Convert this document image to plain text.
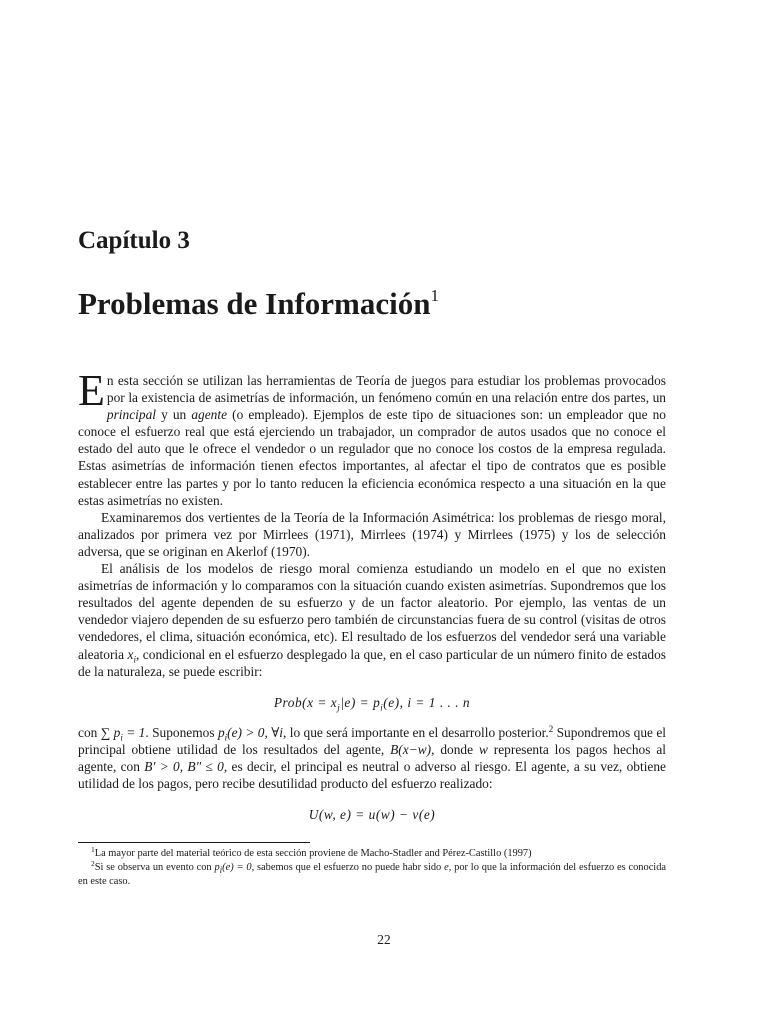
Capítulo 3
Problemas de Información$^1$

En esta sección se utilizan las herramientas de Teoría de juegos para estudiar los problemas provocados por la existencia de asimetrías de información, un fenómeno común en una relación entre dos partes, un principal y un agente (o empleado). Ejemplos de este tipo de situaciones son: un empleador que no conoce el esfuerzo real que está ejerciendo un trabajador, un comprador de autos usados que no conoce el estado del auto que le ofrece el vendedor o un regulador que no conoce los costos de la empresa regulada. Estas asimetrías de información tienen efectos importantes, al afectar el tipo de contratos que es posible establecer entre las partes y por lo tanto reducen la eficiencia económica respecto a una situación en la que estas asimetrías no existen.

Examinaremos dos vertientes de la Teoría de la Información Asimétrica: los problemas de riesgo moral, analizados por primera vez por Mirrlees (1971), Mirrlees (1974) y Mirrlees (1975) y los de selección adversa, que se originan en Akerlof (1970).

El análisis de los modelos de riesgo moral comienza estudiando un modelo en el que no existen asimetrías de información y lo comparamos con la situación cuando existen asimetrías. Supondremos que los resultados del agente dependen de su esfuerzo y de un factor aleatorio. Por ejemplo, las ventas de un vendedor viajero dependen de su esfuerzo pero también de circunstancias fuera de su control (visitas de otros vendedores, el clima, situación económica, etc). El resultado de los esfuerzos del vendedor será una variable aleatoria $x_i$, condicional en el esfuerzo desplegado la que, en el caso particular de un número finito de estados de la naturaleza, se puede escribir:

Prob(x = $x_j|e) = p_i(e)$, i = 1 . . . n

con ∑ $p_i = 1$. Suponemos $p_i(e) > 0$, ∀i, lo que será importante en el desarrollo posterior.$^2$ Supondremos que el principal obtiene utilidad de los resultados del agente, B(x−w), donde w representa los pagos hechos al agente, con B′ > 0, B″ ≤ 0, es decir, el principal es neutral o adverso al riesgo. El agente, a su vez, obtiene utilidad de los pagos, pero recibe desutilidad producto del esfuerzo realizado:

U(w, e) = u(w) − v(e)

$^1$La mayor parte del material teórico de esta sección proviene de Macho-Stadler and Pérez-Castillo (1997)

$^2$Si se observa un evento con $p_i(e) = 0$, sabemos que el esfuerzo no puede habr sido e, por lo que la información del esfuerzo es conocida en este caso.

22
